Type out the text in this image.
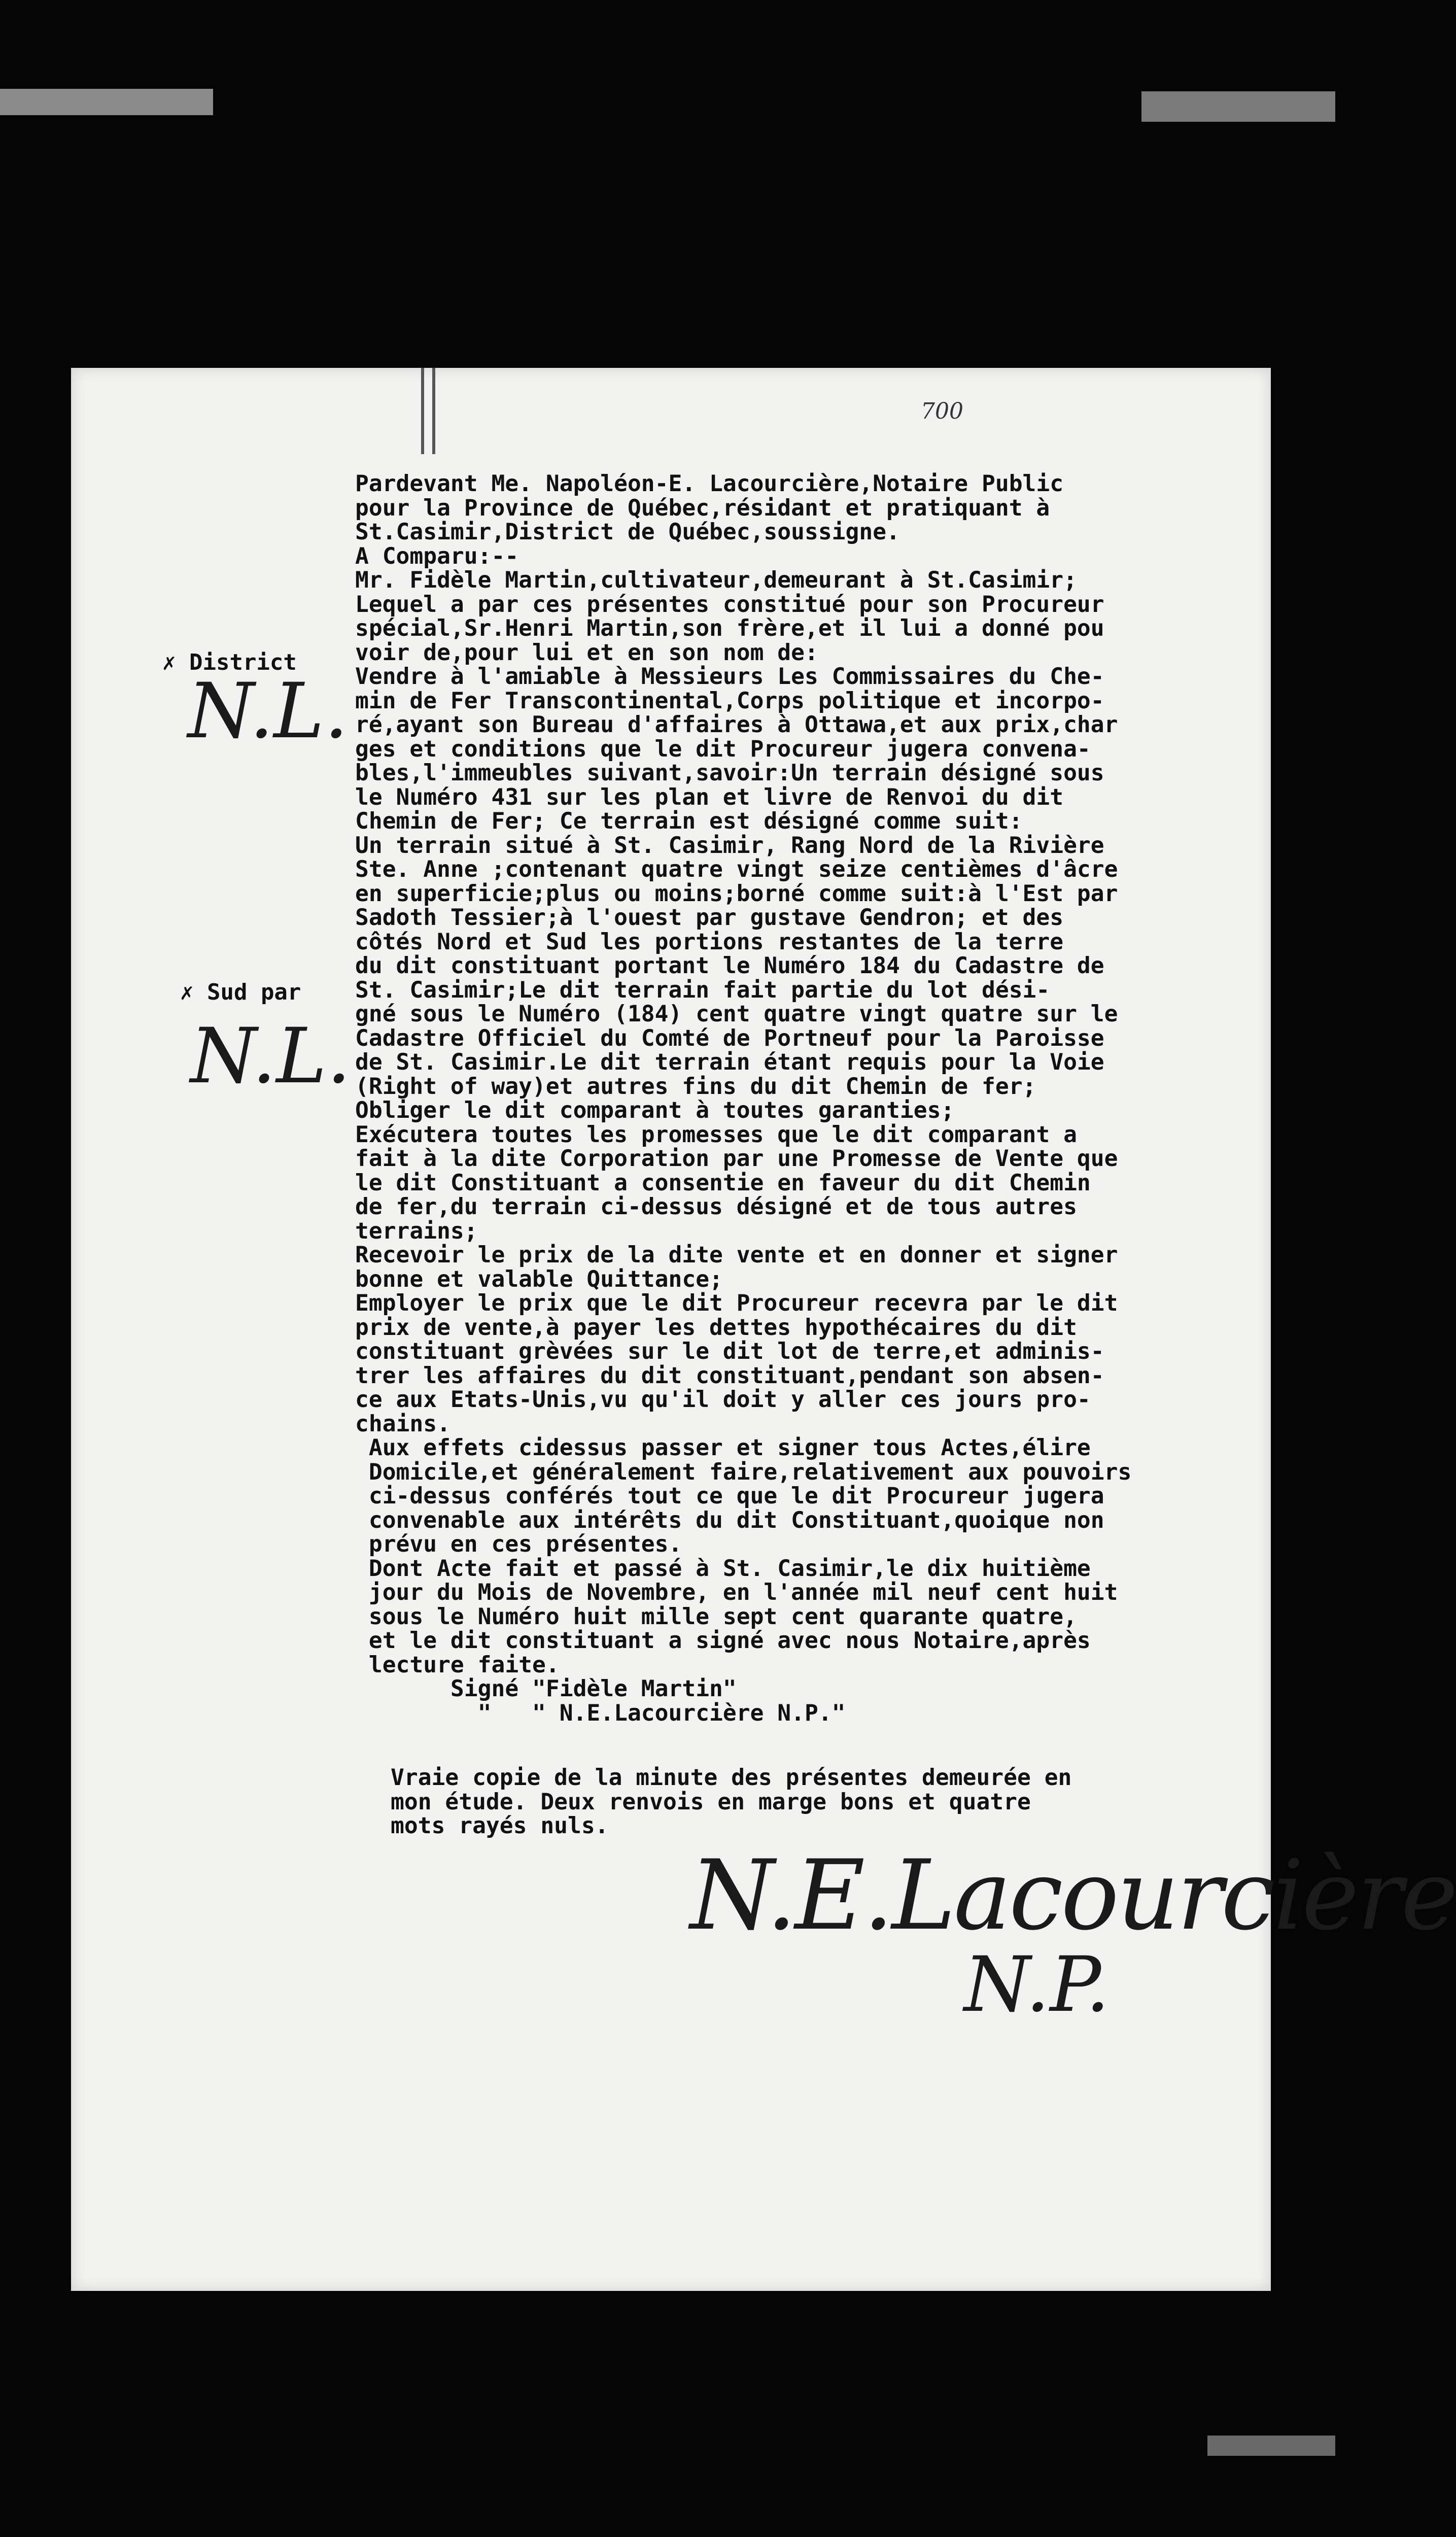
700
✗ District
N.L.
✗ Sud par
N.L.
Pardevant Me. Napoléon-E. Lacourcière,Notaire Public
pour la Province de Québec,résidant et pratiquant à
St.Casimir,District de Québec,soussigne.
A Comparu:--
Mr. Fidèle Martin,cultivateur,demeurant à St.Casimir;
Lequel a par ces présentes constitué pour son Procureur
spécial,Sr.Henri Martin,son frère,et il lui a donné pou
voir de,pour lui et en son nom de:
Vendre à l'amiable à Messieurs Les Commissaires du Che-
min de Fer Transcontinental,Corps politique et incorpo-
ré,ayant son Bureau d'affaires à Ottawa,et aux prix,char
ges et conditions que le dit Procureur jugera convena-
bles,l'immeubles suivant,savoir:Un terrain désigné sous
le Numéro 431 sur les plan et livre de Renvoi du dit
Chemin de Fer; Ce terrain est désigné comme suit:
Un terrain situé à St. Casimir, Rang Nord de la Rivière
Ste. Anne ;contenant quatre vingt seize centièmes d'âcre
en superficie;plus ou moins;borné comme suit:à l'Est par
Sadoth Tessier;à l'ouest par gustave Gendron; et des
côtés Nord et Sud les portions restantes de la terre
du dit constituant portant le Numéro 184 du Cadastre de
St. Casimir;Le dit terrain fait partie du lot dési-
gné sous le Numéro (184) cent quatre vingt quatre sur le
Cadastre Officiel du Comté de Portneuf pour la Paroisse
de St. Casimir.Le dit terrain étant requis pour la Voie
(Right of way)et autres fins du dit Chemin de fer;
Obliger le dit comparant à toutes garanties;
Exécutera toutes les promesses que le dit comparant a
fait à la dite Corporation par une Promesse de Vente que
le dit Constituant a consentie en faveur du dit Chemin
de fer,du terrain ci-dessus désigné et de tous autres
terrains;
Recevoir le prix de la dite vente et en donner et signer
bonne et valable Quittance;
Employer le prix que le dit Procureur recevra par le dit
prix de vente,à payer les dettes hypothécaires du dit
constituant grèvées sur le dit lot de terre,et adminis-
trer les affaires du dit constituant,pendant son absen-
ce aux Etats-Unis,vu qu'il doit y aller ces jours pro-
chains.
Aux effets cidessus passer et signer tous Actes,élire
Domicile,et généralement faire,relativement aux pouvoirs
ci-dessus conférés tout ce que le dit Procureur jugera
convenable aux intérêts du dit Constituant,quoique non
prévu en ces présentes.
Dont Acte fait et passé à St. Casimir,le dix huitième
jour du Mois de Novembre, en l'année mil neuf cent huit
sous le Numéro huit mille sept cent quarante quatre,
et le dit constituant a signé avec nous Notaire,après
lecture faite.
Signé "Fidèle Martin"
"   " N.E.Lacourcière N.P."
Vraie copie de la minute des présentes demeurée en
mon étude. Deux renvois en marge bons et quatre
mots rayés nuls.
N.E.Lacourcière
N.P.
